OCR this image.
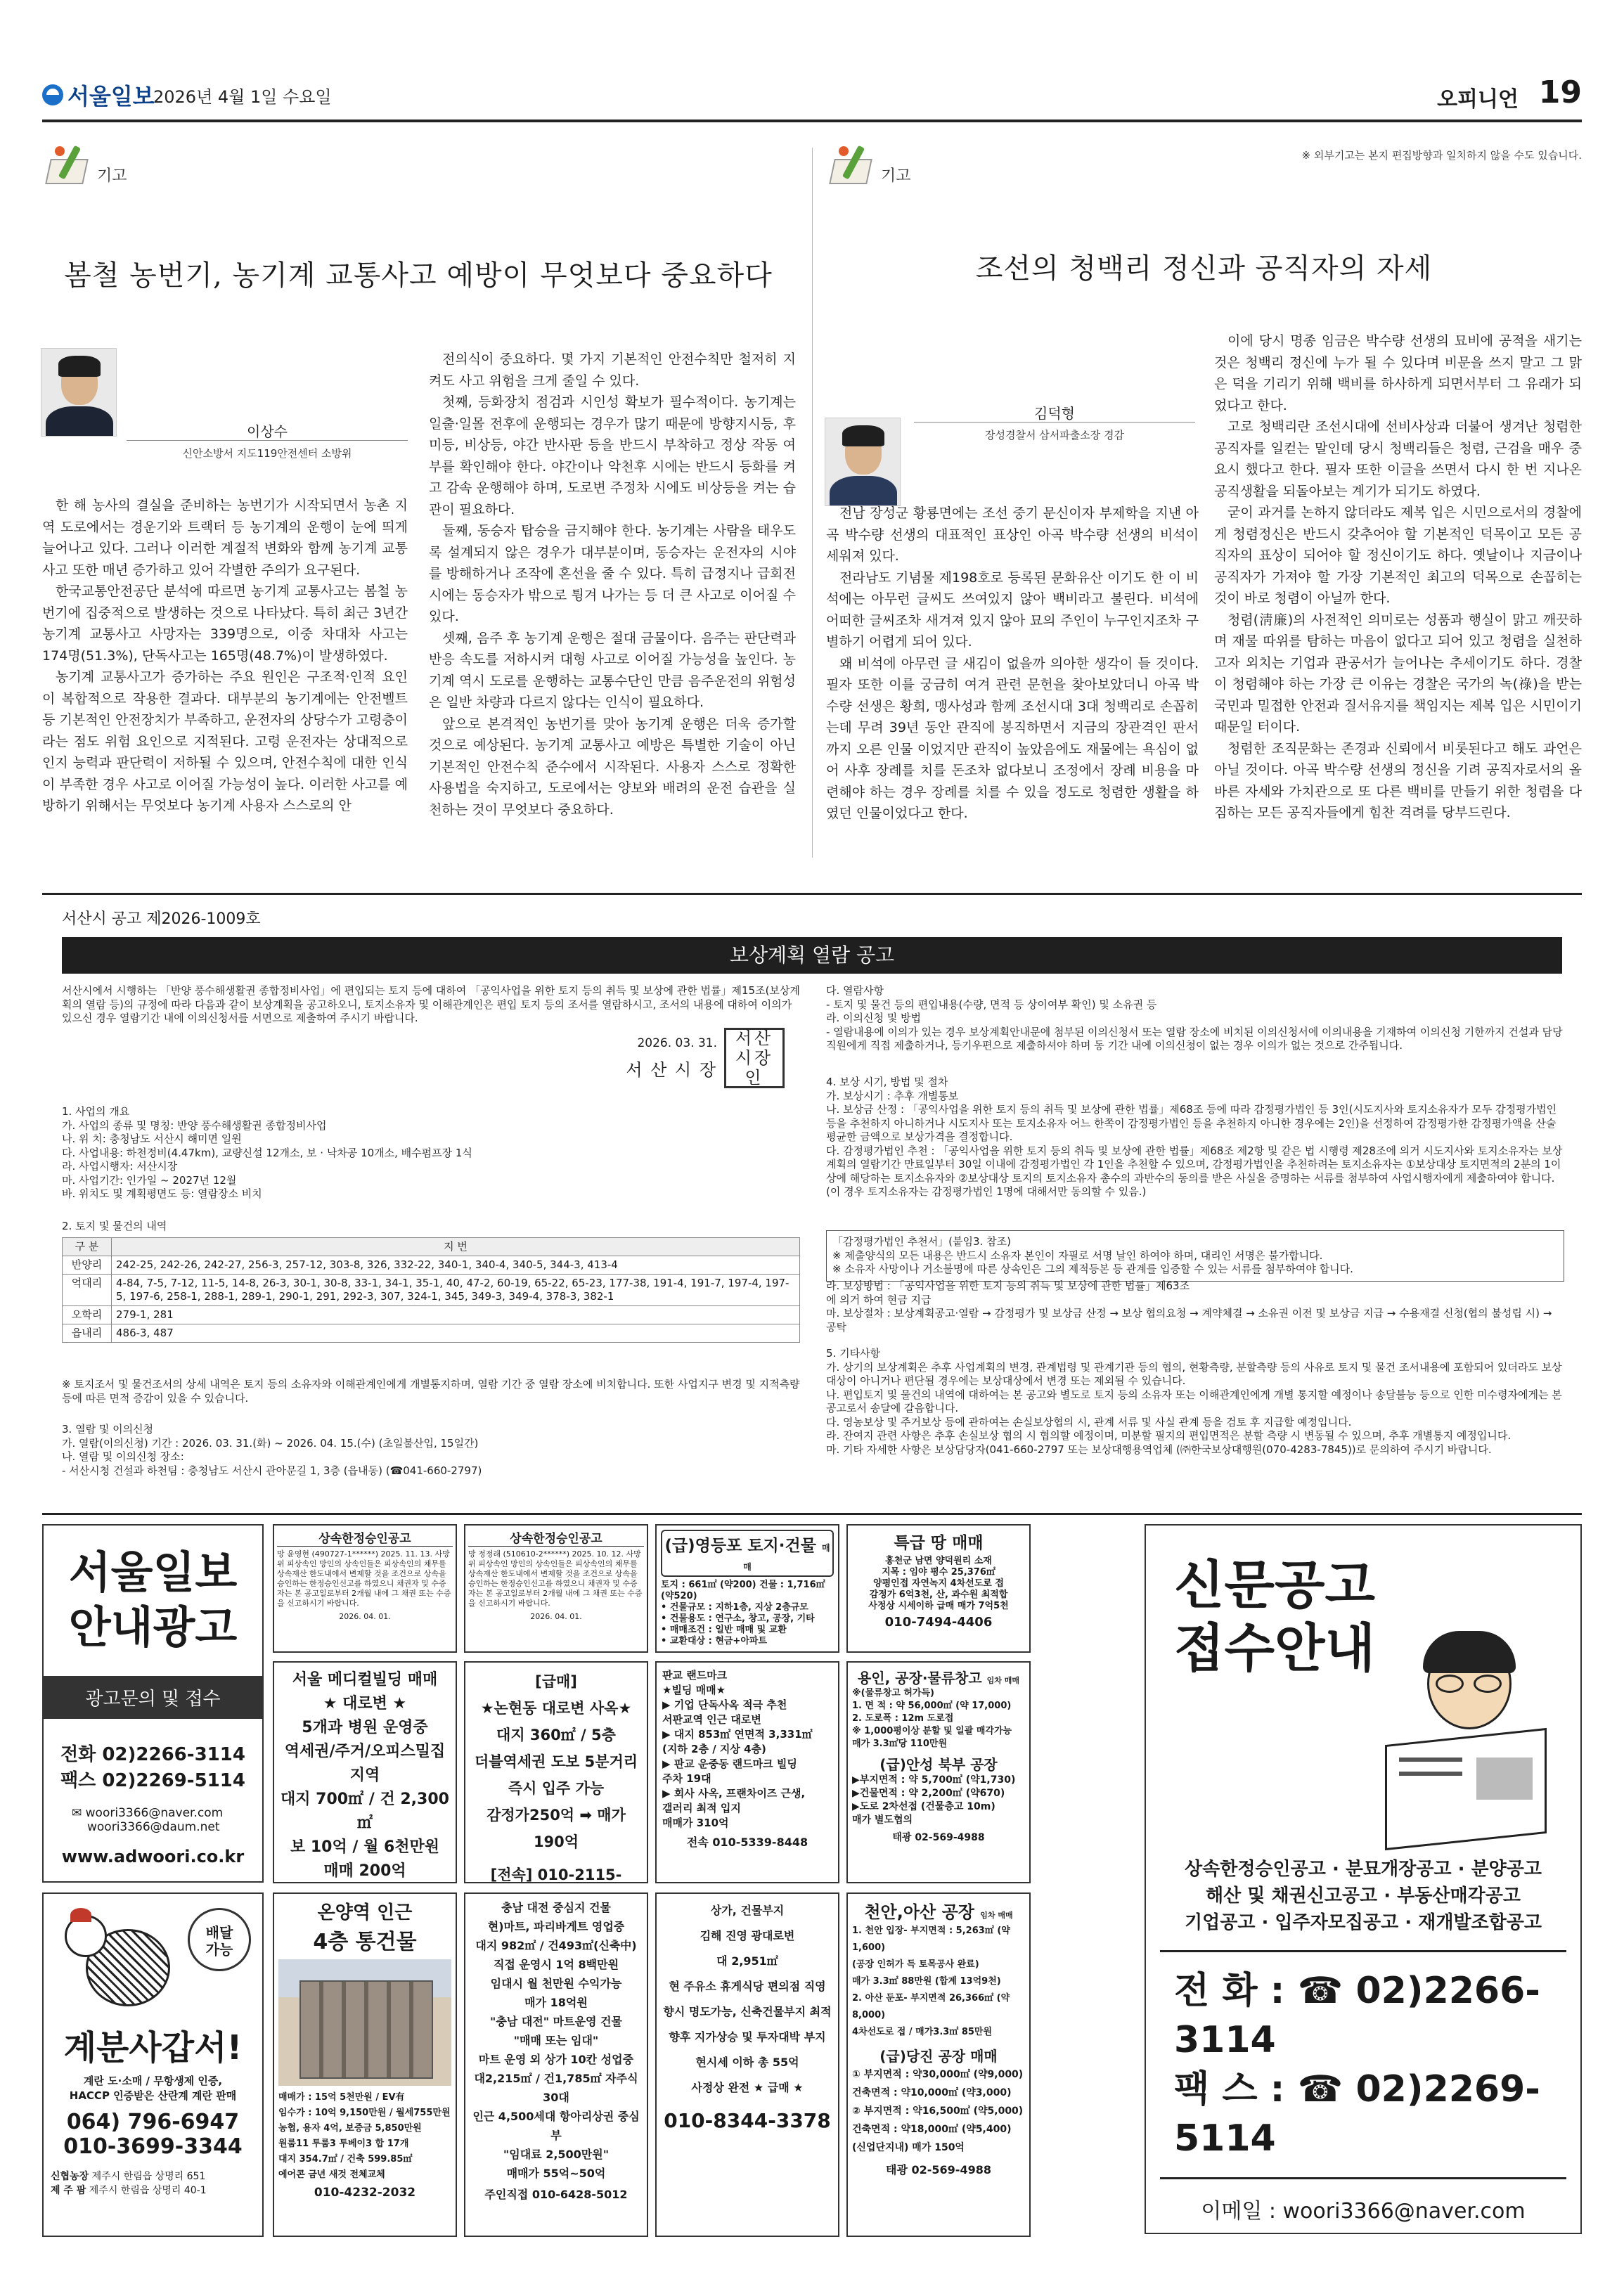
서울일보
2026년 4월 1일 수요일	오피니언 19
※ 외부기고는 본지 편집방향과 일치하지 않을 수도 있습니다.
기고
봄철 농번기, 농기계 교통사고 예방이 무엇보다 중요하다
이상수
신안소방서 지도119안전센터 소방위

한 해 농사의 결실을 준비하는 농번기가 시작되면서 농촌 지역 도로에서는 경운기와 트랙터 등 농기계의 운행이 눈에 띄게 늘어나고 있다. 그러나 이러한 계절적 변화와 함께 농기계 교통사고 또한 매년 증가하고 있어 각별한 주의가 요구된다.

한국교통안전공단 분석에 따르면 농기계 교통사고는 봄철 농번기에 집중적으로 발생하는 것으로 나타났다. 특히 최근 3년간 농기계 교통사고 사망자는 339명으로, 이중 차대차 사고는 174명(51.3%), 단독사고는 165명(48.7%)이 발생하였다.

농기계 교통사고가 증가하는 주요 원인은 구조적·인적 요인이 복합적으로 작용한 결과다. 대부분의 농기계에는 안전벨트 등 기본적인 안전장치가 부족하고, 운전자의 상당수가 고령층이라는 점도 위험 요인으로 지적된다. 고령 운전자는 상대적으로 인지 능력과 판단력이 저하될 수 있으며, 안전수칙에 대한 인식이 부족한 경우 사고로 이어질 가능성이 높다. 이러한 사고를 예방하기 위해서는 무엇보다 농기계 사용자 스스로의 안

전의식이 중요하다. 몇 가지 기본적인 안전수칙만 철저히 지켜도 사고 위험을 크게 줄일 수 있다.

첫째, 등화장치 점검과 시인성 확보가 필수적이다. 농기계는 일출·일몰 전후에 운행되는 경우가 많기 때문에 방향지시등, 후미등, 비상등, 야간 반사판 등을 반드시 부착하고 정상 작동 여부를 확인해야 한다. 야간이나 악천후 시에는 반드시 등화를 켜고 감속 운행해야 하며, 도로변 주정차 시에도 비상등을 켜는 습관이 필요하다.

둘째, 동승자 탑승을 금지해야 한다. 농기계는 사람을 태우도록 설계되지 않은 경우가 대부분이며, 동승자는 운전자의 시야를 방해하거나 조작에 혼선을 줄 수 있다. 특히 급정지나 급회전 시에는 동승자가 밖으로 튕겨 나가는 등 더 큰 사고로 이어질 수 있다.

셋째, 음주 후 농기계 운행은 절대 금물이다. 음주는 판단력과 반응 속도를 저하시켜 대형 사고로 이어질 가능성을 높인다. 농기계 역시 도로를 운행하는 교통수단인 만큼 음주운전의 위험성은 일반 차량과 다르지 않다는 인식이 필요하다.

앞으로 본격적인 농번기를 맞아 농기계 운행은 더욱 증가할 것으로 예상된다. 농기계 교통사고 예방은 특별한 기술이 아닌 기본적인 안전수칙 준수에서 시작된다. 사용자 스스로 정확한 사용법을 숙지하고, 도로에서는 양보와 배려의 운전 습관을 실천하는 것이 무엇보다 중요하다.

기고
조선의 청백리 정신과 공직자의 자세
김덕형
장성경찰서 삼서파출소장 경감

전남 장성군 황룡면에는 조선 중기 문신이자 부제학을 지낸 아곡 박수량 선생의 대표적인 표상인 아곡 박수량 선생의 비석이 세워져 있다.

전라남도 기념물 제198호로 등록된 문화유산 이기도 한 이 비석에는 아무런 글씨도 쓰여있지 않아 백비라고 불린다. 비석에 어떠한 글씨조차 새겨져 있지 않아 묘의 주인이 누구인지조차 구별하기 어렵게 되어 있다.

왜 비석에 아무런 글 새김이 없을까 의아한 생각이 들 것이다. 필자 또한 이를 궁금히 여겨 관련 문헌을 찾아보았더니 아곡 박수량 선생은 황희, 맹사성과 함께 조선시대 3대 청백리로 손꼽히는데 무려 39년 동안 관직에 봉직하면서 지금의 장관격인 판서까지 오른 인물 이었지만 관직이 높았음에도 재물에는 욕심이 없어 사후 장례를 치를 돈조차 없다보니 조정에서 장례 비용을 마련해야 하는 경우 장례를 치를 수 있을 정도로 청렴한 생활을 하였던 인물이었다고 한다.

이에 당시 명종 임금은 박수량 선생의 묘비에 공적을 새기는 것은 청백리 정신에 누가 될 수 있다며 비문을 쓰지 말고 그 맑은 덕을 기리기 위해 백비를 하사하게 되면서부터 그 유래가 되었다고 한다.

고로 청백리란 조선시대에 선비사상과 더불어 생겨난 청렴한 공직자를 일컫는 말인데 당시 청백리들은 청렴, 근검을 매우 중요시 했다고 한다. 필자 또한 이글을 쓰면서 다시 한 번 지나온 공직생활을 되돌아보는 계기가 되기도 하였다.

굳이 과거를 논하지 않더라도 제복 입은 시민으로서의 경찰에게 청렴정신은 반드시 갖추어야 할 기본적인 덕목이고 모든 공직자의 표상이 되어야 할 정신이기도 하다. 옛날이나 지금이나 공직자가 가져야 할 가장 기본적인 최고의 덕목으로 손꼽히는 것이 바로 청렴이 아닐까 한다.

청렴(淸廉)의 사전적인 의미로는 성품과 행실이 맑고 깨끗하며 재물 따위를 탐하는 마음이 없다고 되어 있고 청렴을 실천하고자 외치는 기업과 관공서가 늘어나는 추세이기도 하다. 경찰이 청렴해야 하는 가장 큰 이유는 경찰은 국가의 녹(祿)을 받는 국민과 밀접한 안전과 질서유지를 책임지는 제복 입은 시민이기 때문일 터이다.

청렴한 조직문화는 존경과 신뢰에서 비롯된다고 해도 과언은 아닐 것이다. 아곡 박수량 선생의 정신을 기려 공직자로서의 올바른 자세와 가치관으로 또 다른 백비를 만들기 위한 청렴을 다짐하는 모든 공직자들에게 힘찬 격려를 당부드린다.

서산시 공고 제2026-1009호
보상계획 열람 공고
서산시에서 시행하는 「반양 풍수해생활권 종합정비사업」에 편입되는 토지 등에 대하여 「공익사업을 위한 토지 등의 취득 및 보상에 관한 법률」제15조(보상계획의 열람 등)의 규정에 따라 다음과 같이 보상계획을 공고하오니, 토지소유자 및 이해관계인은 편입 토지 등의 조서를 열람하시고, 조서의 내용에 대하여 이의가 있으신 경우 열람기간 내에 이의신청서를 서면으로 제출하여 주시기 바랍니다.
2026. 03. 31.
서 산 시 장
서산시장인
1. 사업의 개요
가. 사업의 종류 및 명칭: 반양 풍수해생활권 종합정비사업
나. 위 치: 충청남도 서산시 해미면 일원
다. 사업내용: 하천정비(4.47km), 교량신설 12개소, 보 · 낙차공 10개소, 배수펌프장 1식
라. 사업시행자: 서산시장
마. 사업기간: 인가일 ~ 2027년 12월
바. 위치도 및 계획평면도 등: 열람장소 비치
2. 토지 및 물건의 내역
구 분	지 번
반양리	242-25, 242-26, 242-27, 256-3, 257-12, 303-8, 326, 332-22, 340-1, 340-4, 340-5, 344-3, 413-4
억대리	4-84, 7-5, 7-12, 11-5, 14-8, 26-3, 30-1, 30-8, 33-1, 34-1, 35-1, 40, 47-2, 60-19, 65-22, 65-23, 177-38, 191-4, 191-7, 197-4, 197-5, 197-6, 258-1, 288-1, 289-1, 290-1, 291, 292-3, 307, 324-1, 345, 349-3, 349-4, 378-3, 382-1
오학리	279-1, 281
읍내리	486-3, 487
※ 토지조서 및 물건조서의 상세 내역은 토지 등의 소유자와 이해관계인에게 개별통지하며, 열람 기간 중 열람 장소에 비치합니다. 또한 사업지구 변경 및 지적측량 등에 따른 면적 증감이 있을 수 있습니다.
3. 열람 및 이의신청
가. 열람(이의신청) 기간 : 2026. 03. 31.(화) ~ 2026. 04. 15.(수) (초일불산입, 15일간)
나. 열람 및 이의신청 장소:
- 서산시청 건설과 하천팀 : 충청남도 서산시 관아문길 1, 3층 (읍내동) (☎041-660-2797)
다. 열람사항
- 토지 및 물건 등의 편입내용(수량, 면적 등 상이여부 확인) 및 소유권 등
라. 이의신청 및 방법
- 열람내용에 이의가 있는 경우 보상계획안내문에 첨부된 이의신청서 또는 열람 장소에 비치된 이의신청서에 이의내용을 기재하여 이의신청 기한까지 건설과 담당직원에게 직접 제출하거나, 등기우편으로 제출하셔야 하며 동 기간 내에 이의신청이 없는 경우 이의가 없는 것으로 간주됩니다.
4. 보상 시기, 방법 및 절차
가. 보상시기 : 추후 개별통보
나. 보상금 산정 : 「공익사업을 위한 토지 등의 취득 및 보상에 관한 법률」제68조 등에 따라 감정평가법인 등 3인(시도지사와 토지소유자가 모두 감정평가법인 등을 추천하지 아니하거나 시도지사 또는 토지소유자 어느 한쪽이 감정평가법인 등을 추천하지 아니한 경우에는 2인)을 선정하여 감정평가한 감정평가액을 산술평균한 금액으로 보상가격을 결정합니다.
다. 감정평가법인 추천 : 「공익사업을 위한 토지 등의 취득 및 보상에 관한 법률」제68조 제2항 및 같은 법 시행령 제28조에 의거 시도지사와 토지소유자는 보상계획의 열람기간 만료일부터 30일 이내에 감정평가법인 각 1인을 추천할 수 있으며, 감정평가법인을 추천하려는 토지소유자는 ①보상대상 토지면적의 2분의 1이상에 해당하는 토지소유자와 ②보상대상 토지의 토지소유자 총수의 과반수의 동의를 받은 사실을 증명하는 서류를 첨부하여 사업시행자에게 제출하여야 합니다.(이 경우 토지소유자는 감정평가법인 1명에 대해서만 동의할 수 있음.)
「감정평가법인 추천서」(붙임3. 참조)
※ 제출양식의 모든 내용은 반드시 소유자 본인이 자필로 서명 날인 하여야 하며, 대리인 서명은 불가합니다.
※ 소유자 사망이나 거소불명에 따른 상속인은 그의 제적등본 등 관계를 입증할 수 있는 서류를 첨부하여야 합니다.
라. 보상방법 : 「공익사업을 위한 토지 등의 취득 및 보상에 관한 법률」제63조
에 의거 하여 현금 지급
마. 보상절차 : 보상계획공고·열람 → 감정평가 및 보상금 산정 → 보상 협의요청 → 계약체결 → 소유권 이전 및 보상금 지급 → 수용재결 신청(협의 불성립 시) → 공탁
5. 기타사항
가. 상기의 보상계획은 추후 사업계획의 변경, 관계법령 및 관계기관 등의 협의, 현황측량, 분할측량 등의 사유로 토지 및 물건 조서내용에 포함되어 있더라도 보상대상이 아니거나 편단될 경우에는 보상대상에서 변경 또는 제외될 수 있습니다.
나. 편입토지 및 물건의 내역에 대하여는 본 공고와 별도로 토지 등의 소유자 또는 이해관계인에게 개별 통지할 예정이나 송달불능 등으로 인한 미수령자에게는 본 공고로서 송달에 갈음합니다.
다. 영농보상 및 주거보상 등에 관하여는 손실보상협의 시, 관계 서류 및 사실 관계 등을 검토 후 지급할 예정입니다.
라. 잔여지 관련 사항은 추후 손실보상 협의 시 협의할 예정이며, 미분할 필지의 편입면적은 분할 측량 시 변동될 수 있으며, 추후 개별통지 예정입니다.
마. 기타 자세한 사항은 보상담당자(041-660-2797 또는 보상대행용역업체 (㈜한국보상대행원(070-4283-7845))로 문의하여 주시기 바랍니다.
서울일보
안내광고
광고문의 및 접수
전화 02)2266-3114
팩스 02)2269-5114
✉ woori3366@naver.com
woori3366@daum.net
www.adwoori.co.kr
상속한정승인공고
망 윤영현 (490727-1******) 2025. 11. 13. 사망 위 피상속인 망인의 상속인들은 피상속인의 채무를 상속재산 한도내에서 변제할 것을 조건으로 상속을 승인하는 한정승인신고를 하였으니 채권자 및 수증자는 본 공고일로부터 2개월 내에 그 채권 또는 수증을 신고하시기 바랍니다.
2026. 04. 01.
상속한정승인공고
망 정정래 (510610-2******) 2025. 10. 12. 사망 위 피상속인 망인의 상속인들은 피상속인의 채무를 상속재산 한도내에서 변제할 것을 조건으로 상속을 승인하는 한정승인신고를 하였으니 채권자 및 수증자는 본 공고일로부터 2개월 내에 그 채권 또는 수증을 신고하시기 바랍니다.
2026. 04. 01.
(급)영등포 토지·건물 매매
토지 : 661㎡ (약200) 건물 : 1,716㎡ (약520)
• 건물규모 : 지하1층, 지상 2층규모
• 건물용도 : 연구소, 창고, 공장, 기타
• 매매조건 : 일반 매매 및 교환
• 교환대상 : 현금+아파트
특급 땅 매매
홍천군 남면 양덕원리 소재
지목 : 임야 평수 25,376㎡
양평인접 자연녹지 4차선도로 접
감정가 6억3천, 산, 과수원 최적합
사정상 시세이하 급매 매가 7억5천
010-7494-4406
서울 메디컬빌딩 매매
★ 대로변 ★
5개과 병원 운영중
역세권/주거/오피스밀집지역
대지 700㎡ / 건 2,300㎡
보 10억 / 월 6천만원
매매 200억
[급매]
★논현동 대로변 사옥★
대지 360㎡ / 5층
더블역세권 도보 5분거리
즉시 입주 가능
감정가250억 ➡ 매가 190억
[전속] 010-2115-
판교 랜드마크
★빌딩 매매★
▶ 기업 단독사옥 적극 추천
서판교역 인근 대로변
▶ 대지 853㎡ 연면적 3,331㎡
(지하 2층 / 지상 4층)
▶ 판교 운중동 랜드마크 빌딩
주차 19대
▶ 회사 사옥, 프랜차이즈 근생,
갤러리 최적 입지
매매가 310억
전속 010-5339-8448
용인, 공장·물류창고 임차 매매
※(물류창고 허가득)
1. 면 적 : 약 56,000㎡ (약 17,000)
2. 도로폭 : 12m 도로접
※ 1,000평이상 분할 및 일괄 매각가능
매가 3.3㎡당 110만원
(급)안성 북부 공장
▶부지면적 : 약 5,700㎡ (약1,730)
▶건물면적 : 약 2,200㎡ (약670)
▶도로 2차선접 (건물층고 10m)
매가 별도협의
태광 02-569-4988
신문공고
접수안내
상속한정승인공고 · 분묘개장공고 · 분양공고
해산 및 채권신고공고 · 부동산매각공고
기업공고 · 입주자모집공고 · 재개발조합공고
전 화 : ☎ 02)2266-3114
팩 스 : ☎ 02)2269-5114
이메일 : woori3366@naver.com
배달가능
계분사갑서!
계란 도·소매 / 무항생제 인증,
HACCP 인증받은 산란계 계란 판매
064) 796-6947
010-3699-3344
신협농장 제주시 한림읍 상명리 651
제 주 팜 제주시 한림읍 상명리 40-1
온양역 인근
4층 통건물
매매가 : 15억 5천만원 / EV有
임수가 : 10억 9,150만원 / 월세755만원
농협, 용자 4억, 보증금 5,850만원
원룸11 투룸3 투베이3 합 17개
대지 354.7㎡ / 건축 599.85㎡
에어콘 금년 새것 전체교체
010-4232-2032
충남 대전 중심지 건물
현)마트, 파리바게트 영업중
대지 982㎡ / 건493㎡(신축中)
직접 운영시 1억 8백만원
임대시 월 천만원 수익가능
매가 18억원
"충남 대전" 마트운영 건물
"매매 또는 임대"
마트 운영 외 상가 10칸 성업중
대2,215㎡ / 건1,785㎡ 자주식 30대
인근 4,500세대 항아리상권 중심부
"임대료 2,500만원"
매매가 55억~50억
주인직접 010-6428-5012
상가, 건물부지
김해 진영 광대로변
대 2,951㎡
현 주유소 휴게식당 편의점 직영
향시 명도가능, 신축건물부지 최적
향후 지가상승 및 투자대박 부지
현시세 이하 총 55억
사정상 완전 ★ 급매 ★
010-8344-3378
천안,아산 공장 임차 매매
1. 천안 입장- 부지면적 : 5,263㎡ (약1,600)
(공장 인허가 득 토목공사 완료)
매가 3.3㎡ 88만원 (합계 13억9천)
2. 아산 둔포- 부지면적 26,366㎡ (약8,000)
4차선도로 접 / 매가3.3㎡ 85만원
(급)당진 공장 매매
① 부지면적 : 약30,000㎡ (약9,000)
건축면적 : 약10,000㎡ (약3,000)
② 부지면적 : 약16,500㎡ (약5,000)
건축면적 : 약18,000㎡ (약5,400)
(신업단지내) 매가 150억
태광 02-569-4988
